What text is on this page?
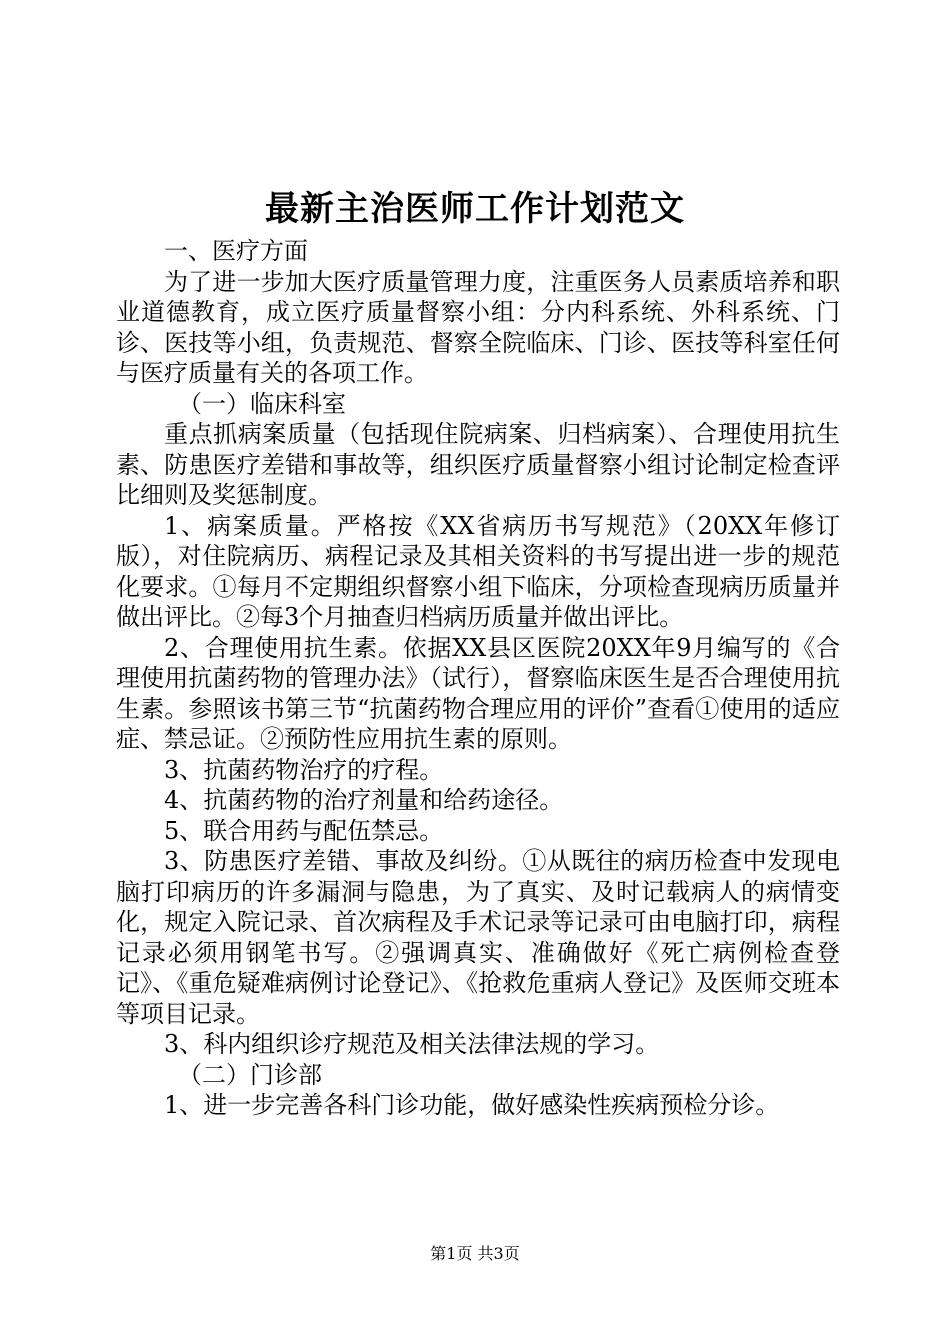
最新主治医师工作计划范文

一、医疗方面

为了进一步加大医疗质量管理力度，注重医务人员素质培养和职业道德教育，成立医疗质量督察小组：分内科系统、外科系统、门诊、医技等小组，负责规范、督察全院临床、门诊、医技等科室任何与医疗质量有关的各项工作。

（一）临床科室

重点抓病案质量（包括现住院病案、归档病案）、合理使用抗生素、防患医疗差错和事故等，组织医疗质量督察小组讨论制定检查评比细则及奖惩制度。

1、病案质量。严格按《XX省病历书写规范》（20XX年修订版），对住院病历、病程记录及其相关资料的书写提出进一步的规范化要求。①每月不定期组织督察小组下临床，分项检查现病历质量并做出评比。②每3个月抽查归档病历质量并做出评比。

2、合理使用抗生素。依据XX县区医院20XX年9月编写的《合理使用抗菌药物的管理办法》（试行），督察临床医生是否合理使用抗生素。参照该书第三节“抗菌药物合理应用的评价”查看①使用的适应症、禁忌证。②预防性应用抗生素的原则。

3、抗菌药物治疗的疗程。

4、抗菌药物的治疗剂量和给药途径。

5、联合用药与配伍禁忌。

3、防患医疗差错、事故及纠纷。①从既往的病历检查中发现电脑打印病历的许多漏洞与隐患，为了真实、及时记载病人的病情变化，规定入院记录、首次病程及手术记录等记录可由电脑打印，病程记录必须用钢笔书写。②强调真实、准确做好《死亡病例检查登记》、《重危疑难病例讨论登记》、《抢救危重病人登记》及医师交班本等项目记录。

3、科内组织诊疗规范及相关法律法规的学习。

（二）门诊部

1、进一步完善各科门诊功能，做好感染性疾病预检分诊。

第1页 共3页
